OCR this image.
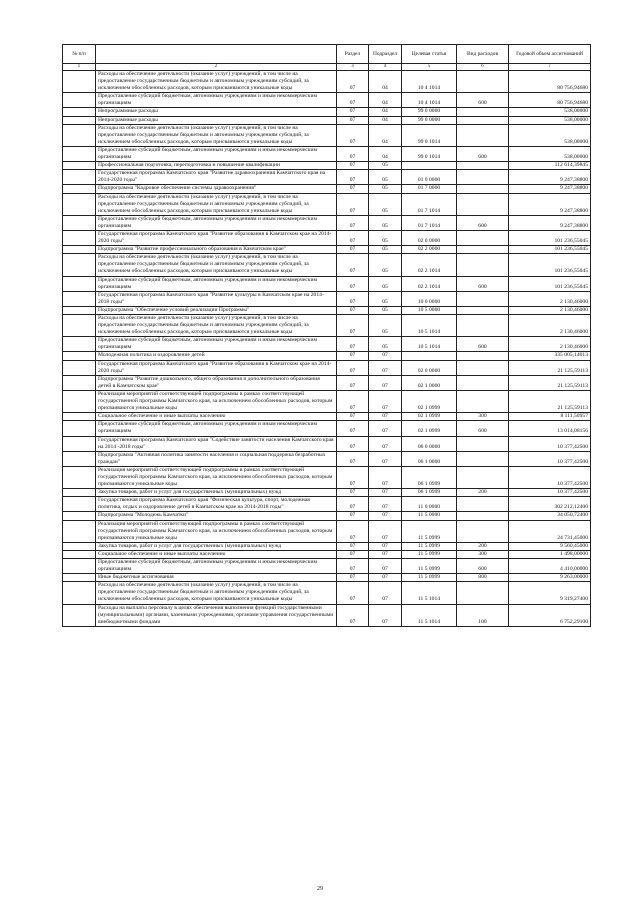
№ п/п		Раздел	Подраздел	Целевая статья	Вид расходов	Годовой объем ассигнований
1	2	3	4	5	6	7
	Расходы на обеспечение деятельности (оказание услуг) учреждений, в том числе на предоставление государственным бюджетным и автономным учреждениям субсидий, за исключением обособленных расходов, которым присваиваются уникальные коды	07	04	10 4 1014		80 756,94680
	Предоставление субсидий бюджетным, автономным учреждениям и иным некоммерческим организациям	07	04	10 4 1014	600	80 756,94680
	Непрограммные расходы	07	04	99 0 0000		538,00000
	Непрограммные расходы	07	04	99 0 0000		538,00000
	Расходы на обеспечение деятельности (оказание услуг) учреждений, в том числе на предоставление государственным бюджетным и автономным учреждениям субсидий, за исключением обособленных расходов, которым присваиваются уникальные коды	07	04	99 0 1014		538,00000
	Предоставление субсидий бюджетным, автономным учреждениям и иным некоммерческим организациям	07	04	99 0 1014	600	538,00000
	Профессиональная подготовка, переподготовка и повышение квалификации	07	05			112 614,39845
	Государственная программа Камчатского края "Развитие здравоохранения Камчатского края на 2014-2020 годы"	07	05	01 0 0000		9 247,38800
	Подпрограмма "Кадровое обеспечение системы здравоохранения"	07	05	01 7 0000		9 247,38800
	Расходы на обеспечение деятельности (оказание услуг) учреждений, в том числе на предоставление государственным бюджетным и автономным учреждениям субсидий, за исключением обособленных расходов, которым присваиваются уникальные коды	07	05	01 7 1014		9 247,38800
	Предоставление субсидий бюджетным, автономным учреждениям и иным некоммерческим организациям	07	05	01 7 1014	600	9 247,38800
	Государственная программа Камчатского края "Развитие образования в Камчатском крае на 2014-2020 годы"	07	05	02 0 0000		101 236,55045
	Подпрограмма "Развитие профессионального образования в Камчатском крае"	07	05	02 2 0000		101 236,55045
	Расходы на обеспечение деятельности (оказание услуг) учреждений, в том числе на предоставление государственным бюджетным и автономным учреждениям субсидий, за исключением обособленных расходов, которым присваиваются уникальные коды	07	05	02 2 1014		101 236,55045
	Предоставление субсидий бюджетным, автономным учреждениям и иным некоммерческим организациям	07	05	02 2 1014	600	101 236,55045
	Государственная программа Камчатского края "Развитие культуры в Камчатском крае на 2014-2018 годы"	07	05	10 0 0000		2 130,46000
	Подпрограмма "Обеспечение условий реализации Программы"	07	05	10 5 0000		2 130,46000
	Расходы на обеспечение деятельности (оказание услуг) учреждений, в том числе на предоставление государственным бюджетным и автономным учреждениям субсидий, за исключением обособленных расходов, которым присваиваются уникальные коды	07	05	10 5 1014		2 130,46000
	Предоставление субсидий бюджетным, автономным учреждениям и иным некоммерческим организациям	07	05	10 5 1014	600	2 130,46000
	Молодежная политика и оздоровление детей	07	07			335 005,14013
	Государственная программа Камчатского края "Развитие образования в Камчатском крае на 2014-2020 годы"	07	07	02 0 0000		21 125,59113
	Подпрограмма "Развитие дошкольного, общего образования и дополнительного образования детей в Камчатском крае"	07	07	02 1 0000		21 125,59113
	Реализация мероприятий соответствующей подпрограммы в рамках соответствующей государственной программы Камчатского края, за исключением обособленных расходов, которым присваиваются уникальные коды	07	07	02 1 0999		21 125,59113
	Социальное обеспечение и иные выплаты населению	07	07	02 1 0999	300	8 111,50957
	Предоставление субсидий бюджетным, автономным учреждениям и иным некоммерческим организациям	07	07	02 1 0999	600	13 014,08156
	Государственная программа Камчатского края "Содействие занятости населения Камчатского края на 2014 -2018 годы"	07	07	06 0 0000		10 377,42500
	Подпрограмма "Активная политика занятости населения и социальная поддержка безработных граждан"	07	07	06 1 0000		10 377,42500
	Реализация мероприятий соответствующей подпрограммы в рамках соответствующей государственной программы Камчатского края, за исключением обособленных расходов, которым присваиваются уникальные коды	07	07	06 1 0999		10 377,42500
	Закупка товаров, работ и услуг для государственных (муниципальных) нужд	07	07	06 1 0999	200	10 377,42500
	Государственная программа Камчатского края "Физическая культура, спорт, молодежная политика, отдых и оздоровление детей в Камчатском крае на 2014-2018 годы"	07	07	11 0 0000		302 212,12400
	Подпрограмма "Молодежь Камчатки"	07	07	11 5 0000		34 050,72400
	Реализация мероприятий соответствующей подпрограммы в рамках соответствующей государственной программы Камчатского края, за исключением обособленных расходов, которым присваиваются уникальные коды	07	07	11 5 0999		24 731,45000
	Закупка товаров, работ и услуг для государственных (муниципальных) нужд	07	07	11 5 0999	200	9 560,45000
	Социальное обеспечение и иные выплаты населению	07	07	11 5 0999	300	1 498,00000
	Предоставление субсидий бюджетным, автономным учреждениям и иным некоммерческим организациям	07	07	11 5 0999	600	4 410,00000
	Иные бюджетные ассигнования	07	07	11 5 0999	800	9 263,00000
	Расходы на обеспечение деятельности (оказание услуг) учреждений, в том числе на предоставление государственным бюджетным и автономным учреждениям субсидий, за исключением обособленных расходов, которым присваиваются уникальные коды	07	07	11 5 1014		9 319,27400
	Расходы на выплаты персоналу в целях обеспечения выполнения функций государственными (муниципальными) органами, казенными учреждениями, органами управления государственными внебюджетными фондами	07	07	11 5 1014	100	6 752,29100
29
